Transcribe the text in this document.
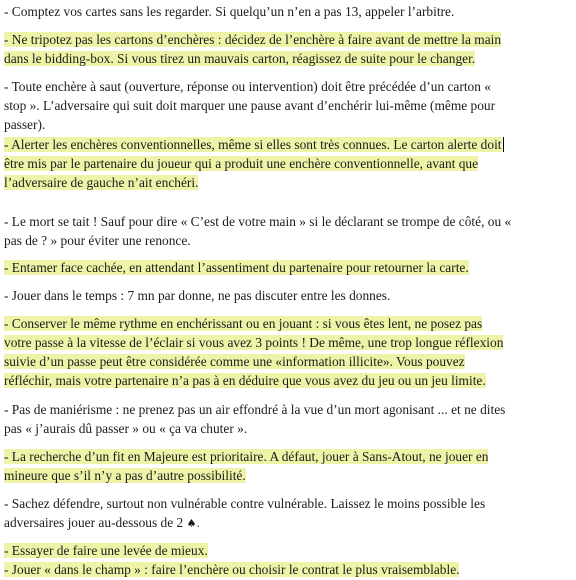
- Comptez vos cartes sans les regarder. Si quelqu’un n’en a pas 13, appeler l’arbitre.
- Ne tripotez pas les cartons d’enchères : décidez de l’enchère à faire avant de mettre la main
dans le bidding-box. Si vous tirez un mauvais carton, réagissez de suite pour le changer.
- Toute enchère à saut (ouverture, réponse ou intervention) doit être précédée d’un carton «
stop ». L’adversaire qui suit doit marquer une pause avant d’enchérir lui-même (même pour
passer).
- Alerter les enchères conventionnelles, même si elles sont très connues. Le carton alerte doit
être mis par le partenaire du joueur qui a produit une enchère conventionnelle, avant que
l’adversaire de gauche n’ait enchéri.
- Le mort se tait ! Sauf pour dire « C’est de votre main » si le déclarant se trompe de côté, ou «
pas de ? » pour éviter une renonce.
- Entamer face cachée, en attendant l’assentiment du partenaire pour retourner la carte.
- Jouer dans le temps : 7 mn par donne, ne pas discuter entre les donnes.
- Conserver le même rythme en enchérissant ou en jouant : si vous êtes lent, ne posez pas
votre passe à la vitesse de l’éclair si vous avez 3 points ! De même, une trop longue réflexion
suivie d’un passe peut être considérée comme une «information illicite». Vous pouvez
réfléchir, mais votre partenaire n’a pas à en déduire que vous avez du jeu ou un jeu limite.
- Pas de maniérisme : ne prenez pas un air effondré à la vue d’un mort agonisant ... et ne dites
pas « j’aurais dû passer » ou « ça va chuter ».
- La recherche d’un fit en Majeure est prioritaire. A défaut, jouer à Sans-Atout, ne jouer en
mineure que s’il n’y a pas d’autre possibilité.
- Sachez défendre, surtout non vulnérable contre vulnérable. Laissez le moins possible les
adversaires jouer au-dessous de 2 ♠.
- Essayer de faire une levée de mieux.
- Jouer « dans le champ » : faire l’enchère ou choisir le contrat le plus vraisemblable.
